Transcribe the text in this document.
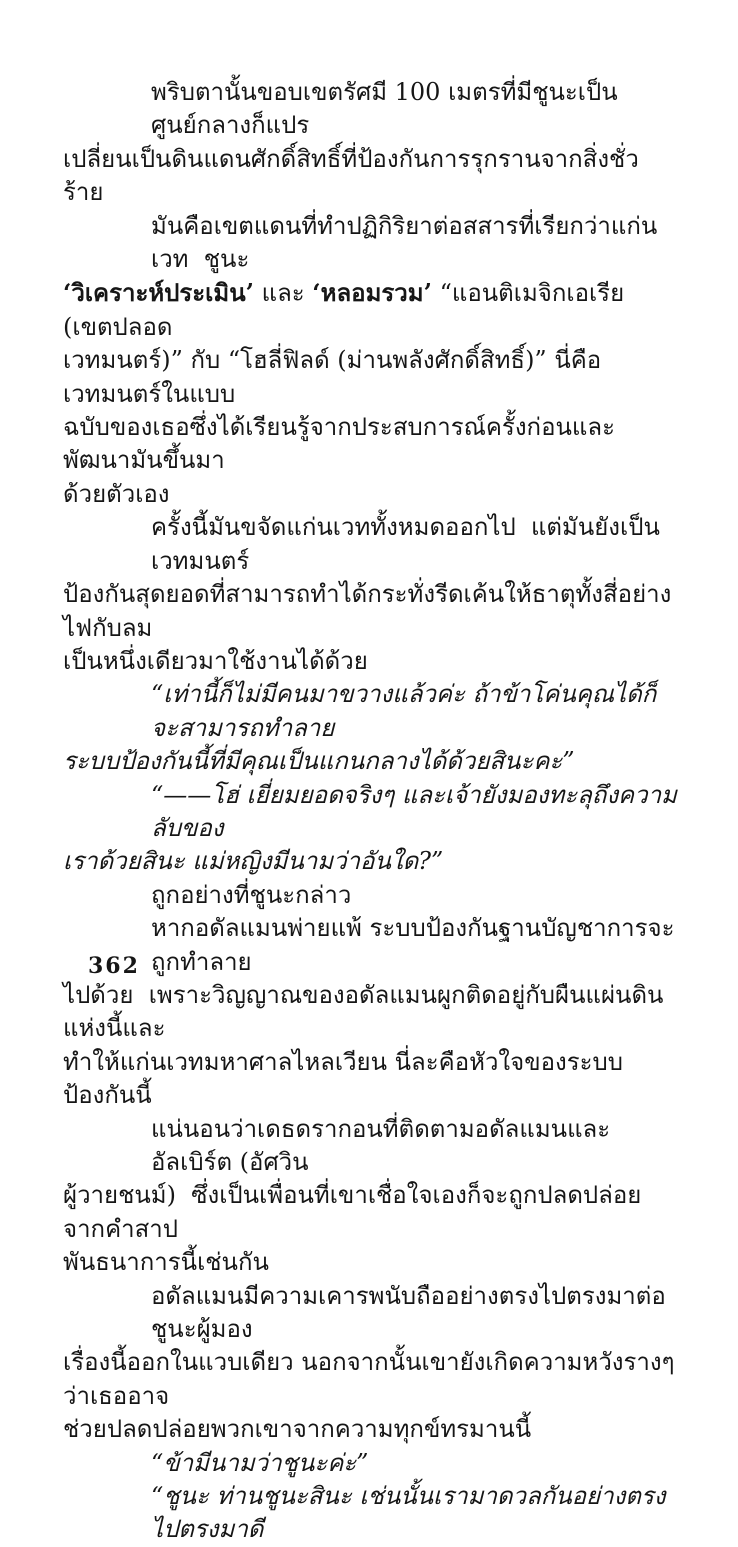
พริบตานั้นขอบเขตรัศมี 100 เมตรที่มีชูนะเป็นศูนย์กลางก็แปร
เปลี่ยนเป็นดินแดนศักดิ์สิทธิ์ที่ป้องกันการรุกรานจากสิ่งชั่วร้าย
มันคือเขตแดนที่ทำปฏิกิริยาต่อสสารที่เรียกว่าแก่นเวท  ชูนะ
‘วิเคราะห์ประเมิน’ และ ‘หลอมรวม’ “แอนติเมจิกเอเรีย (เขตปลอด
เวทมนตร์)” กับ “โฮลี่ฟิลด์ (ม่านพลังศักดิ์สิทธิ์)” นี่คือเวทมนตร์ในแบบ
ฉบับของเธอซึ่งได้เรียนรู้จากประสบการณ์ครั้งก่อนและพัฒนามันขึ้นมา
ด้วยตัวเอง
ครั้งนี้มันขจัดแก่นเวททั้งหมดออกไป  แต่มันยังเป็นเวทมนตร์
ป้องกันสุดยอดที่สามารถทำได้กระทั่งรีดเค้นให้ธาตุทั้งสี่อย่างไฟกับลม
เป็นหนึ่งเดียวมาใช้งานได้ด้วย
“เท่านี้ก็ไม่มีคนมาขวางแล้วค่ะ ถ้าข้าโค่นคุณได้ก็จะสามารถทำลาย
ระบบป้องกันนี้ที่มีคุณเป็นแกนกลางได้ด้วยสินะคะ”
“——โฮ่ เยี่ยมยอดจริงๆ และเจ้ายังมองทะลุถึงความลับของ
เราด้วยสินะ แม่หญิงมีนามว่าอันใด?”
ถูกอย่างที่ชูนะกล่าว
หากอดัลแมนพ่ายแพ้ ระบบป้องกันฐานบัญชาการจะถูกทำลาย
ไปด้วย  เพราะวิญญาณของอดัลแมนผูกติดอยู่กับผืนแผ่นดินแห่งนี้และ
ทำให้แก่นเวทมหาศาลไหลเวียน นี่ละคือหัวใจของระบบป้องกันนี้
แน่นอนว่าเดธดรากอนที่ติดตามอดัลแมนและอัลเบิร์ต (อัศวิน
ผู้วายชนม์)  ซึ่งเป็นเพื่อนที่เขาเชื่อใจเองก็จะถูกปลดปล่อยจากคำสาป
พันธนาการนี้เช่นกัน
อดัลแมนมีความเคารพนับถืออย่างตรงไปตรงมาต่อชูนะผู้มอง
เรื่องนี้ออกในแวบเดียว นอกจากนั้นเขายังเกิดความหวังรางๆ ว่าเธออาจ
ช่วยปลดปล่อยพวกเขาจากความทุกข์ทรมานนี้
“ข้ามีนามว่าชูนะค่ะ”
“ชูนะ ท่านชูนะสินะ เช่นนั้นเรามาดวลกันอย่างตรงไปตรงมาดี
362
